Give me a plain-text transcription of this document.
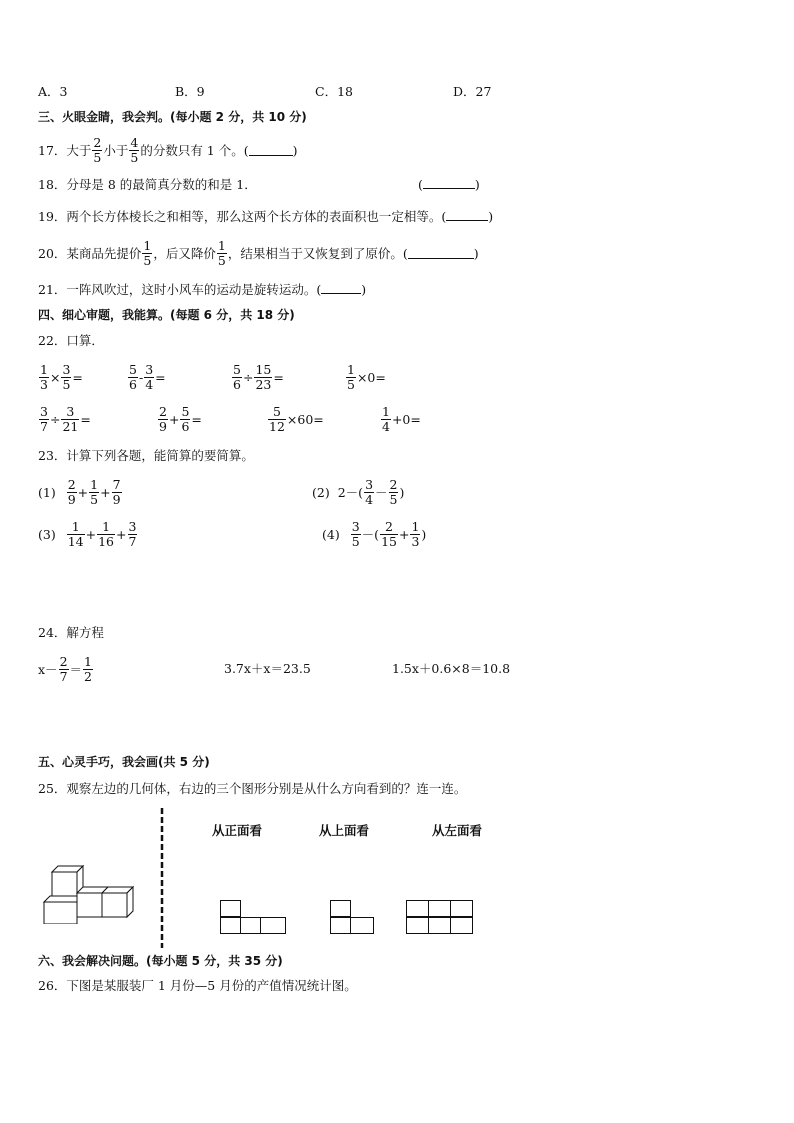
A．3	B．9	C．18	D．27
三、火眼金睛，我会判。(每小题 2 分，共 10 分)
17．大于 $\frac{2}{5}$ 小于 $\frac{4}{5}$ 的分数只有 1 个。(	)
18．分母是 8 的最简真分数的和是 1．	(	)
19．两个长方体棱长之和相等，那么这两个长方体的表面积也一定相等。(	)
20．某商品先提价 $\frac{1}{5}$ ，后又降价 $\frac{1}{5}$ ，结果相当于又恢复到了原价。(	)
21．一阵风吹过，这时小风车的运动是旋转运动。(	)
四、细心审题，我能算。(每题 6 分，共 18 分)
22．口算．
$\frac{1}{3} \times \frac{3}{5}$ =	$\frac{5}{6} - \frac{3}{4}$ =	$\frac{5}{6} \div \frac{15}{23}$ =	$\frac{1}{5} \times 0=$
$\frac{3}{7} \div \frac{3}{21}$ =	$\frac{2}{9} + \frac{5}{6}$ =	$\frac{5}{12} \times 60=$	$\frac{1}{4} +0=$
23．计算下列各题，能简算的要简算。
$(1) \frac{2}{9} + \frac{1}{5} + \frac{7}{9}$	(2) $2-( \frac{3}{4} - \frac{2}{5}$ )
$(3) \frac{1}{14} + \frac{1}{16} + \frac{3}{7}$	$(4) \frac{3}{5}$ －( $\frac{2}{15} + \frac{1}{3}$ )
24．解方程
$x- \frac{2}{7} = \frac{1}{2}$	3.7x＋x＝23.5	1.5x＋0.6×8＝10.8
五、心灵手巧，我会画(共 5 分)
25．观察左边的几何体，右边的三个图形分别是从什么方向看到的？连一连。
从正面看	从上面看	从左面看
六、我会解决问题。(每小题 5 分，共 35 分)
26．下图是某服装厂 1 月份—5 月份的产值情况统计图。
